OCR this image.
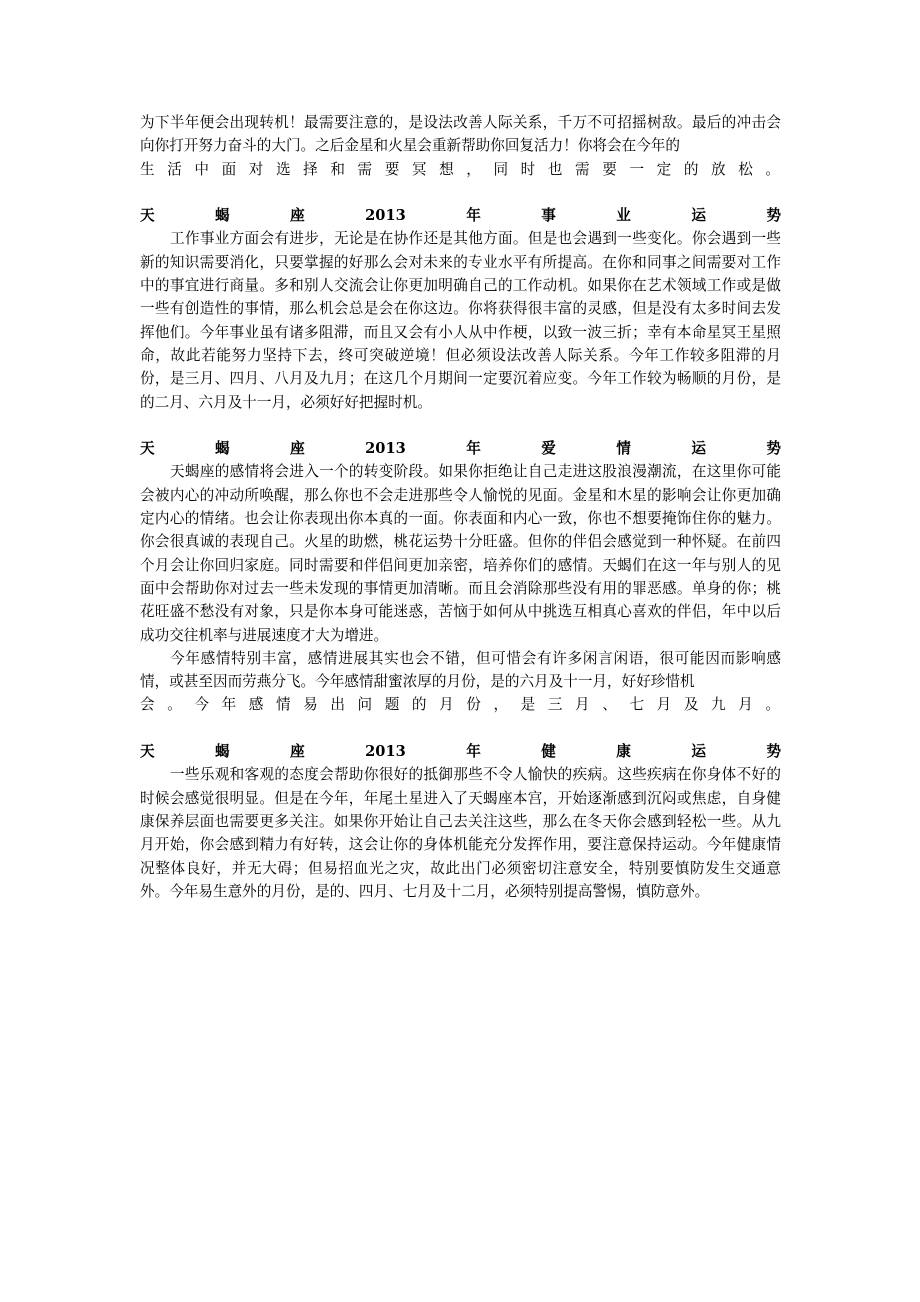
为下半年便会出现转机！最需要注意的，是设法改善人际关系，千万不可招摇树敌。最后的冲击会向你打开努力奋斗的大门。之后金星和火星会重新帮助你回复活力！你将会在今年的

生活中面对选择和需要冥想，同时也需要一定的放松。

天	蝎	座	2013	年	事	业	运	势

工作事业方面会有进步，无论是在协作还是其他方面。但是也会遇到一些变化。你会遇到一些新的知识需要消化，只要掌握的好那么会对未来的专业水平有所提高。在你和同事之间需要对工作中的事宜进行商量。多和别人交流会让你更加明确自己的工作动机。如果你在艺术领域工作或是做一些有创造性的事情，那么机会总是会在你这边。你将获得很丰富的灵感，但是没有太多时间去发挥他们。今年事业虽有诸多阻滞，而且又会有小人从中作梗，以致一波三折；幸有本命星冥王星照命，故此若能努力坚持下去，终可突破逆境！但必须设法改善人际关系。今年工作较多阻滞的月份，是三月、四月、八月及九月；在这几个月期间一定要沉着应变。今年工作较为畅顺的月份，是的二月、六月及十一月，必须好好把握时机。

天	蝎	座	2013	年	爱	情	运	势

天蝎座的感情将会进入一个的转变阶段。如果你拒绝让自己走进这股浪漫潮流，在这里你可能会被内心的冲动所唤醒，那么你也不会走进那些令人愉悦的见面。金星和木星的影响会让你更加确定内心的情绪。也会让你表现出你本真的一面。你表面和内心一致，你也不想要掩饰住你的魅力。你会很真诚的表现自己。火星的助燃，桃花运势十分旺盛。但你的伴侣会感觉到一种怀疑。在前四个月会让你回归家庭。同时需要和伴侣间更加亲密，培养你们的感情。天蝎们在这一年与别人的见面中会帮助你对过去一些未发现的事情更加清晰。而且会消除那些没有用的罪恶感。单身的你；桃花旺盛不愁没有对象，只是你本身可能迷惑，苦恼于如何从中挑选互相真心喜欢的伴侣，年中以后成功交往机率与进展速度才大为增进。

今年感情特别丰富，感情进展其实也会不错，但可惜会有许多闲言闲语，很可能因而影响感情，或甚至因而劳燕分飞。今年感情甜蜜浓厚的月份，是的六月及十一月，好好珍惜机

会。今年感情易出问题的月份，是三月、七月及九月。

天	蝎	座	2013	年	健	康	运	势

一些乐观和客观的态度会帮助你很好的抵御那些不令人愉快的疾病。这些疾病在你身体不好的时候会感觉很明显。但是在今年，年尾土星进入了天蝎座本宫，开始逐渐感到沉闷或焦虑，自身健康保养层面也需要更多关注。如果你开始让自己去关注这些，那么在冬天你会感到轻松一些。从九月开始，你会感到精力有好转，这会让你的身体机能充分发挥作用，要注意保持运动。今年健康情况整体良好，并无大碍；但易招血光之灾，故此出门必须密切注意安全，特别要慎防发生交通意外。今年易生意外的月份，是的、四月、七月及十二月，必须特别提高警惕，慎防意外。
